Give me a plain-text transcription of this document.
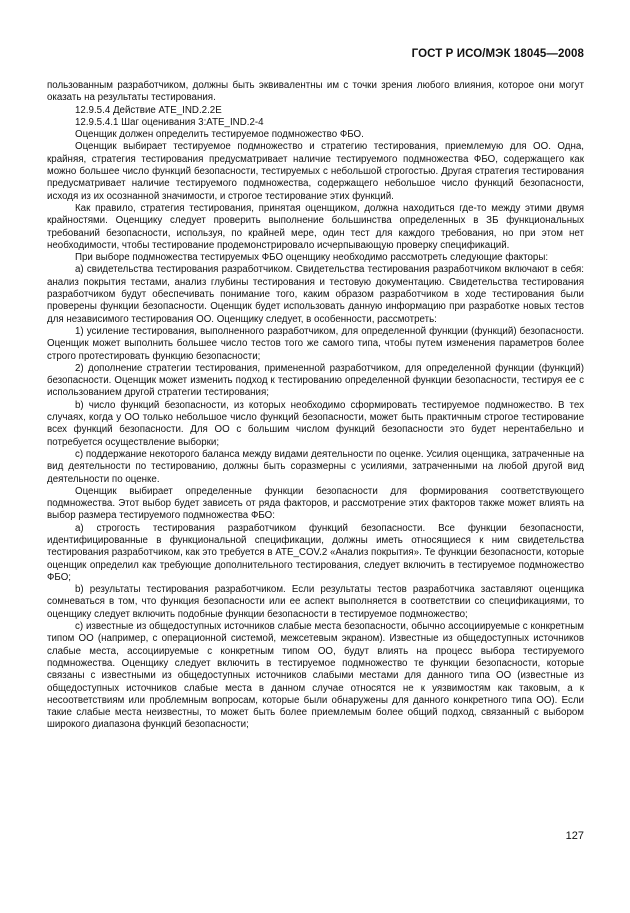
ГОСТ Р ИСО/МЭК 18045—2008

пользованным разработчиком, должны быть эквивалентны им с точки зрения любого влияния, которое они могут оказать на результаты тестирования.

12.9.5.4 Действие ATE_IND.2.2E

12.9.5.4.1 Шаг оценивания 3:ATE_IND.2-4

Оценщик должен определить тестируемое подмножество ФБО.

Оценщик выбирает тестируемое подмножество и стратегию тестирования, приемлемую для ОО. Одна, крайняя, стратегия тестирования предусматривает наличие тестируемого подмножества ФБО, содержащего как можно большее число функций безопасности, тестируемых с небольшой строгостью. Другая стратегия тестирования предусматривает наличие тестируемого подмножества, содержащего небольшое число функций безопасности, исходя из их осознанной значимости, и строгое тестирование этих функций.

Как правило, стратегия тестирования, принятая оценщиком, должна находиться где-то между этими двумя крайностями. Оценщику следует проверить выполнение большинства определенных в ЗБ функциональных требований безопасности, используя, по крайней мере, один тест для каждого требования, но при этом нет необходимости, чтобы тестирование продемонстрировало исчерпывающую проверку спецификаций.

При выборе подмножества тестируемых ФБО оценщику необходимо рассмотреть следующие факторы:

а) свидетельства тестирования разработчиком. Свидетельства тестирования разработчиком включают в себя: анализ покрытия тестами, анализ глубины тестирования и тестовую документацию. Свидетельства тестирования разработчиком будут обеспечивать понимание того, каким образом разработчиком в ходе тестирования были проверены функции безопасности. Оценщик будет использовать данную информацию при разработке новых тестов для независимого тестирования ОО. Оценщику следует, в особенности, рассмотреть:

1) усиление тестирования, выполненного разработчиком, для определенной функции (функций) безопасности. Оценщик может выполнить большее число тестов того же самого типа, чтобы путем изменения параметров более строго протестировать функцию безопасности;

2) дополнение стратегии тестирования, примененной разработчиком, для определенной функции (функций) безопасности. Оценщик может изменить подход к тестированию определенной функции безопасности, тестируя ее с использованием другой стратегии тестирования;

b) число функций безопасности, из которых необходимо сформировать тестируемое подмножество. В тех случаях, когда у ОО только небольшое число функций безопасности, может быть практичным строгое тестирование всех функций безопасности. Для ОО с большим числом функций безопасности это будет нерентабельно и потребуется осуществление выборки;

c) поддержание некоторого баланса между видами деятельности по оценке. Усилия оценщика, затраченные на вид деятельности по тестированию, должны быть соразмерны с усилиями, затраченными на любой другой вид деятельности по оценке.

Оценщик выбирает определенные функции безопасности для формирования соответствующего подмножества. Этот выбор будет зависеть от ряда факторов, и рассмотрение этих факторов также может влиять на выбор размера тестируемого подмножества ФБО:

а) строгость тестирования разработчиком функций безопасности. Все функции безопасности, идентифицированные в функциональной спецификации, должны иметь относящиеся к ним свидетельства тестирования разработчиком, как это требуется в ATE_COV.2 «Анализ покрытия». Те функции безопасности, которые оценщик определил как требующие дополнительного тестирования, следует включить в тестируемое подмножество ФБО;

b) результаты тестирования разработчиком. Если результаты тестов разработчика заставляют оценщика сомневаться в том, что функция безопасности или ее аспект выполняется в соответствии со спецификациями, то оценщику следует включить подобные функции безопасности в тестируемое подмножество;

c) известные из общедоступных источников слабые места безопасности, обычно ассоциируемые с конкретным типом ОО (например, с операционной системой, межсетевым экраном). Известные из общедоступных источников слабые места, ассоциируемые с конкретным типом ОО, будут влиять на процесс выбора тестируемого подмножества. Оценщику следует включить в тестируемое подмножество те функции безопасности, которые связаны с известными из общедоступных источников слабыми местами для данного типа ОО (известные из общедоступных источников слабые места в данном случае относятся не к уязвимостям как таковым, а к несоответствиям или проблемным вопросам, которые были обнаружены для данного конкретного типа ОО). Если такие слабые места неизвестны, то может быть более приемлемым более общий подход, связанный с выбором широкого диапазона функций безопасности;

127
